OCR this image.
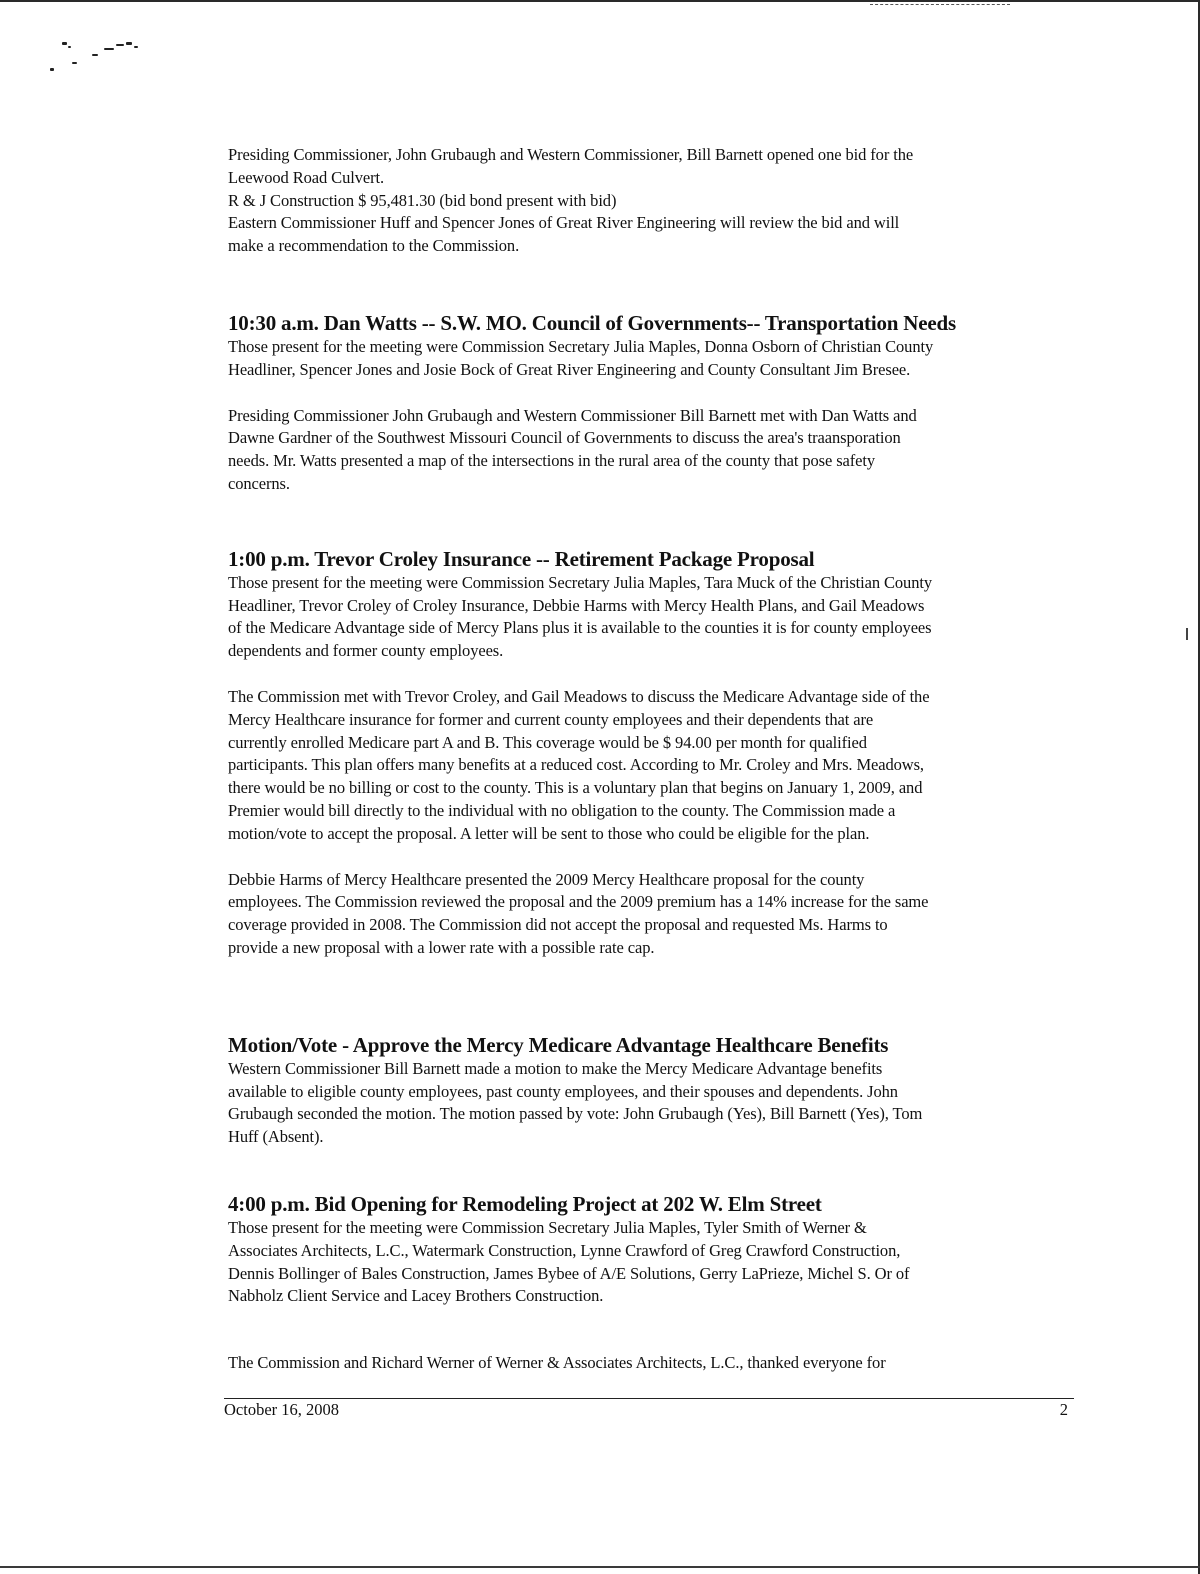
Presiding Commissioner, John Grubaugh and Western Commissioner, Bill Barnett opened one bid for the
Leewood Road Culvert.
R & J Construction $ 95,481.30 (bid bond present with bid)
Eastern Commissioner Huff and Spencer Jones of Great River Engineering will review the bid and will
make a recommendation to the Commission.

10:30 a.m. Dan Watts -- S.W. MO. Council of Governments-- Transportation Needs

Those present for the meeting were Commission Secretary Julia Maples, Donna Osborn of Christian County
Headliner, Spencer Jones and Josie Bock of Great River Engineering and County Consultant Jim Bresee.

Presiding Commissioner John Grubaugh and Western Commissioner Bill Barnett met with Dan Watts and
Dawne Gardner of the Southwest Missouri Council of Governments to discuss the area's traansporation
needs. Mr. Watts presented a map of the intersections in the rural area of the county that pose safety
concerns.

1:00 p.m. Trevor Croley Insurance -- Retirement Package Proposal

Those present for the meeting were Commission Secretary Julia Maples, Tara Muck of the Christian County
Headliner, Trevor Croley of Croley Insurance, Debbie Harms with Mercy Health Plans, and Gail Meadows
of the Medicare Advantage side of Mercy Plans plus it is available to the counties it is for county employees
dependents and former county employees.

The Commission met with Trevor Croley, and Gail Meadows to discuss the Medicare Advantage side of the
Mercy Healthcare insurance for former and current county employees and their dependents that are
currently enrolled Medicare part A and B. This coverage would be $ 94.00 per month for qualified
participants. This plan offers many benefits at a reduced cost. According to Mr. Croley and Mrs. Meadows,
there would be no billing or cost to the county. This is a voluntary plan that begins on January 1, 2009, and
Premier would bill directly to the individual with no obligation to the county. The Commission made a
motion/vote to accept the proposal. A letter will be sent to those who could be eligible for the plan.

Debbie Harms of Mercy Healthcare presented the 2009 Mercy Healthcare proposal for the county
employees. The Commission reviewed the proposal and the 2009 premium has a 14% increase for the same
coverage provided in 2008. The Commission did not accept the proposal and requested Ms. Harms to
provide a new proposal with a lower rate with a possible rate cap.

Motion/Vote - Approve the Mercy Medicare Advantage Healthcare Benefits

Western Commissioner Bill Barnett made a motion to make the Mercy Medicare Advantage benefits
available to eligible county employees, past county employees, and their spouses and dependents. John
Grubaugh seconded the motion. The motion passed by vote: John Grubaugh (Yes), Bill Barnett (Yes), Tom
Huff (Absent).

4:00 p.m. Bid Opening for Remodeling Project at 202 W. Elm Street

Those present for the meeting were Commission Secretary Julia Maples, Tyler Smith of Werner &
Associates Architects, L.C., Watermark Construction, Lynne Crawford of Greg Crawford Construction,
Dennis Bollinger of Bales Construction, James Bybee of A/E Solutions, Gerry LaPrieze, Michel S. Or of
Nabholz Client Service and Lacey Brothers Construction.

The Commission and Richard Werner of Werner & Associates Architects, L.C., thanked everyone for

October 16, 2008	2
